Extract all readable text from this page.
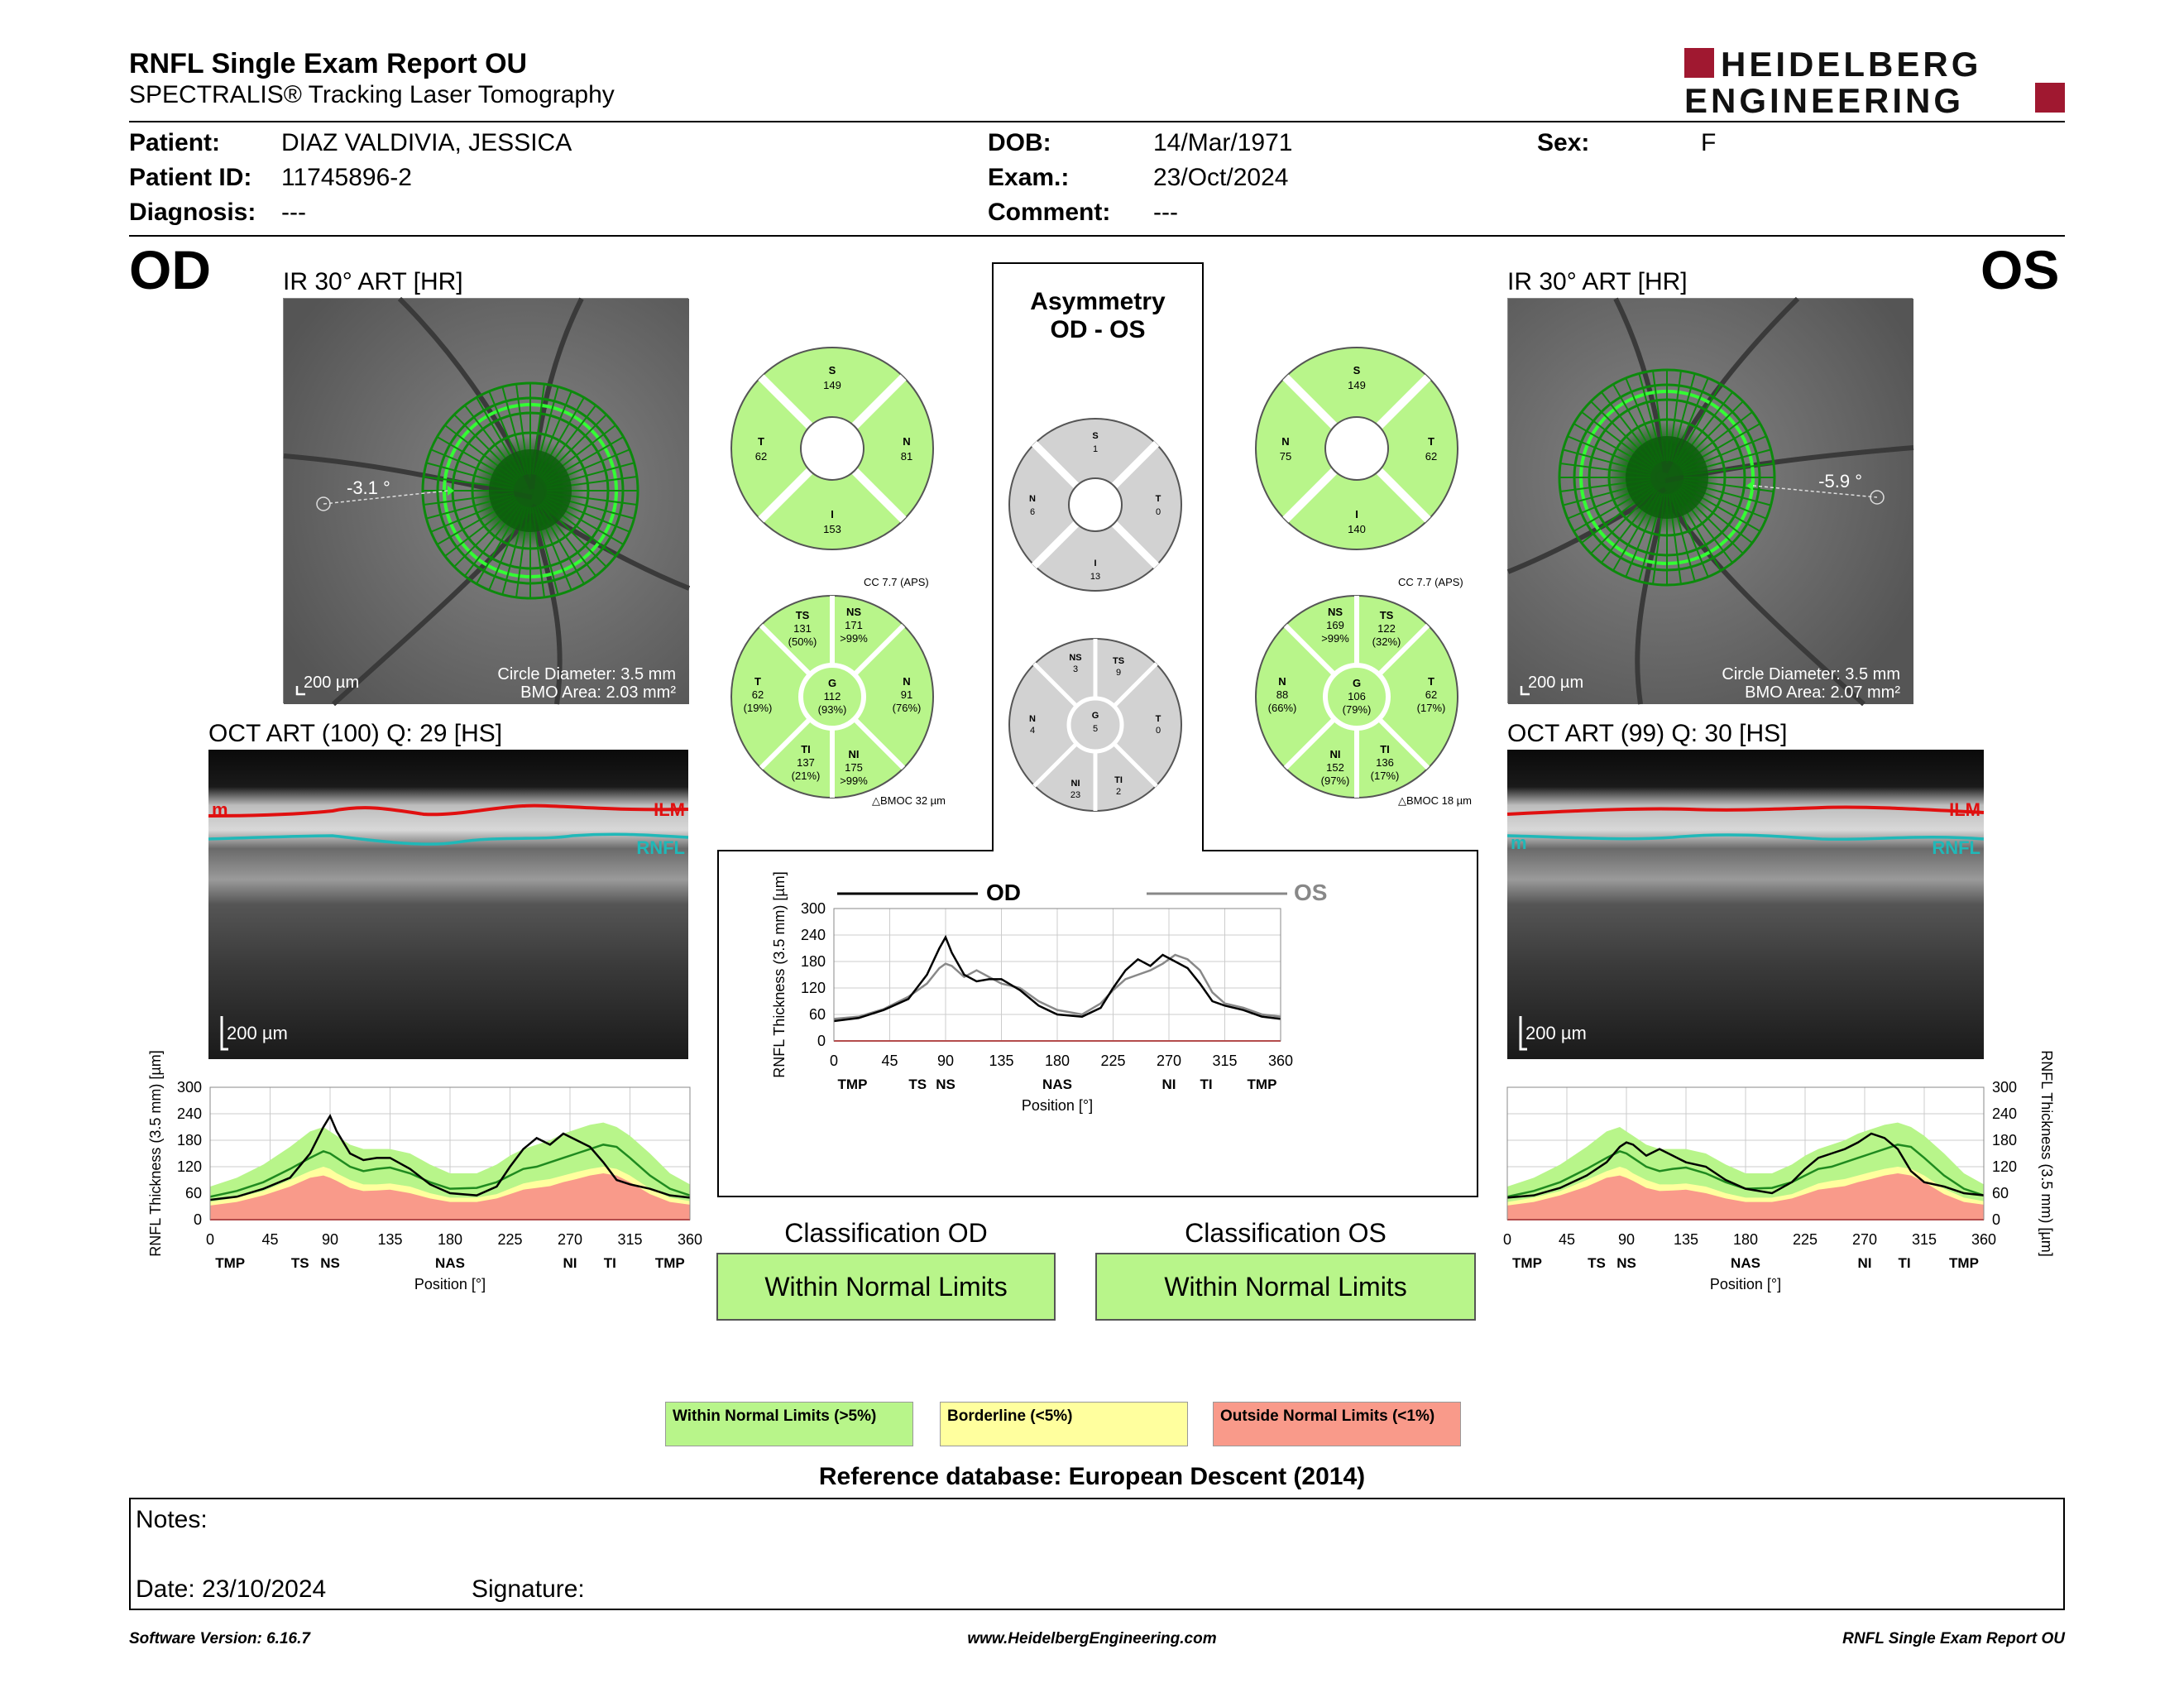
RNFL Single Exam Report OU
SPECTRALIS® Tracking Laser Tomography
HEIDELBERG
ENGINEERING
Patient: DIAZ VALDIVIA, JESSICA
Patient ID: 11745896-2
Diagnosis: ---
DOB:	14/Mar/1971
Exam.:	23/Oct/2024
Comment: ---
Sex:	F
OD	OS
IR 30° ART [HR]
-3.1 °
200 µm	Circle Diameter: 3.5 mm
BMO Area: 2.03 mm²
IR 30° ART [HR]
-5.9 °
200 µm	Circle Diameter: 3.5 mm
BMO Area: 2.07 mm²
OCT ART (100) Q: 29 [HS]
m	ILM
RNFL
200 µm
OCT ART (99) Q: 30 [HS]
m
ILM
RNFL
200 µm
Asymmetry
OD - OS
S
149
N
81
I
153
T
62
S
149
T
62
I
140
N
75
S
1
T
0
I
13
N
6
CC 7.7 (APS)
TS
131
(50%)
NS
171
>99%
N
91
(76%)
NI
175
>99%
TI
137
(21%)
T
62
(19%)
G
112
(93%)
△BMOC 32 µm
CC 7.7 (APS)
NS
169
>99%
TS
122
(32%)
T
62
(17%)
TI
136
(17%)
NI
152
(97%)
N
88
(66%)
G
106
(79%)
△BMOC 18 µm
NS
3
TS
9
T
0
TI
2
NI
23
N
4
G
5
0
60
120
180
240
300
0	45	90	135 180 225 270 315 360
TMP	TS NS	NAS	NI TI	TMP
Position [°]
RNFL Thickness (3.5 mm) [µm]
0
60
120
180
240
300
0	45	90 135 180 225 270 315 360
TMP	TS NS	NAS	NI TI TMP
Position [°]
RNFL Thickness (3.5 mm) [µm]	OD	OS
0
60
120
180
240
300
0	45	90	135 180 225 270 315 360
TMP	TS NS	NAS	NI TI	TMP
Position [°]
RNFL Thickness (3.5 mm) [µm]
Classification OD
Within Normal Limits
Classification OS
Within Normal Limits
Within Normal Limits (>5%)	Borderline (<5%)	Outside Normal Limits (<1%)
Reference database: European Descent (2014)
Notes:
Date: 23/10/2024	Signature:
Software Version: 6.16.7	www.HeidelbergEngineering.com	RNFL Single Exam Report OU
